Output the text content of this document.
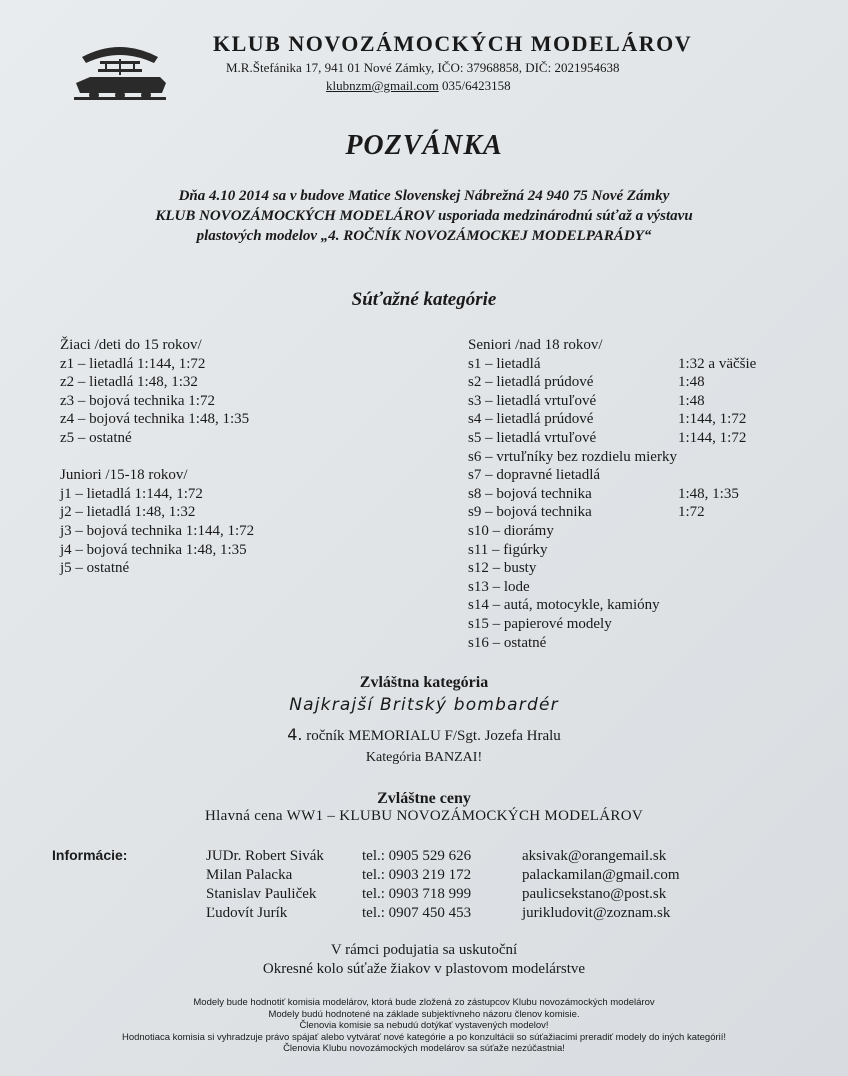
KLUB NOVOZÁMOCKÝCH MODELÁROV
M.R.Štefánika 17, 941 01 Nové Zámky, IČO: 37968858, DIČ: 2021954638
klubnzm@gmail.com 035/6423158
POZVÁNKA
Dňa 4.10 2014 sa v budove Matice Slovenskej Nábrežná 24 940 75 Nové Zámky
KLUB NOVOZÁMOCKÝCH MODELÁROV usporiada medzinárodnú súťaž a výstavu
plastových modelov „4. ROČNÍK NOVOZÁMOCKEJ MODELPARÁDY“
Súťažné kategórie
Žiaci /deti do 15 rokov/
z1 – lietadlá 1:144, 1:72
z2 – lietadlá 1:48, 1:32
z3 – bojová technika 1:72
z4 – bojová technika 1:48, 1:35
z5 – ostatné
Juniori /15-18 rokov/
j1 – lietadlá 1:144, 1:72
j2 – lietadlá 1:48, 1:32
j3 – bojová technika 1:144, 1:72
j4 – bojová technika 1:48, 1:35
j5 – ostatné
Seniori /nad 18 rokov/
s1 – lietadlá	1:32 a väčšie
s2 – lietadlá prúdové	1:48
s3 – lietadlá vrtuľové	1:48
s4 – lietadlá prúdové	1:144, 1:72
s5 – lietadlá vrtuľové	1:144, 1:72
s6 – vrtuľníky bez rozdielu mierky
s7 – dopravné lietadlá
s8 – bojová technika	1:48, 1:35
s9 – bojová technika	1:72
s10 – diorámy
s11 – figúrky
s12 – busty
s13 – lode
s14 – autá, motocykle, kamióny
s15 – papierové modely
s16 – ostatné
Zvláštna kategória
Najkrajší Britský bombardér
4. ročník MEMORIALU F/Sgt. Jozefa Hralu
Kategória BANZAI!
Zvláštne ceny
Hlavná cena WW1 – KLUBU NOVOZÁMOCKÝCH MODELÁROV
Informácie:	JUDr. Robert Sivák	tel.: 0905 529 626	aksivak@orangemail.sk
Milan Palacka	tel.: 0903 219 172	palackamilan@gmail.com
Stanislav Pauliček	tel.: 0903 718 999	paulicsekstano@post.sk
Ľudovít Jurík	tel.: 0907 450 453	jurikludovit@zoznam.sk
V rámci podujatia sa uskutoční
Okresné kolo súťaže žiakov v plastovom modelárstve
Modely bude hodnotiť komisia modelárov, ktorá bude zložená zo zástupcov Klubu novozámockých modelárov
Modely budú hodnotené na základe subjektívneho názoru členov komisie.
Členovia komisie sa nebudú dotýkať vystavených modelov!
Hodnotiaca komisia si vyhradzuje právo spájať alebo vytvárať nové kategórie a po konzultácii so súťažiacimi preradiť modely do iných kategórií!
Členovia Klubu novozámockých modelárov sa súťaže nezúčastnia!
